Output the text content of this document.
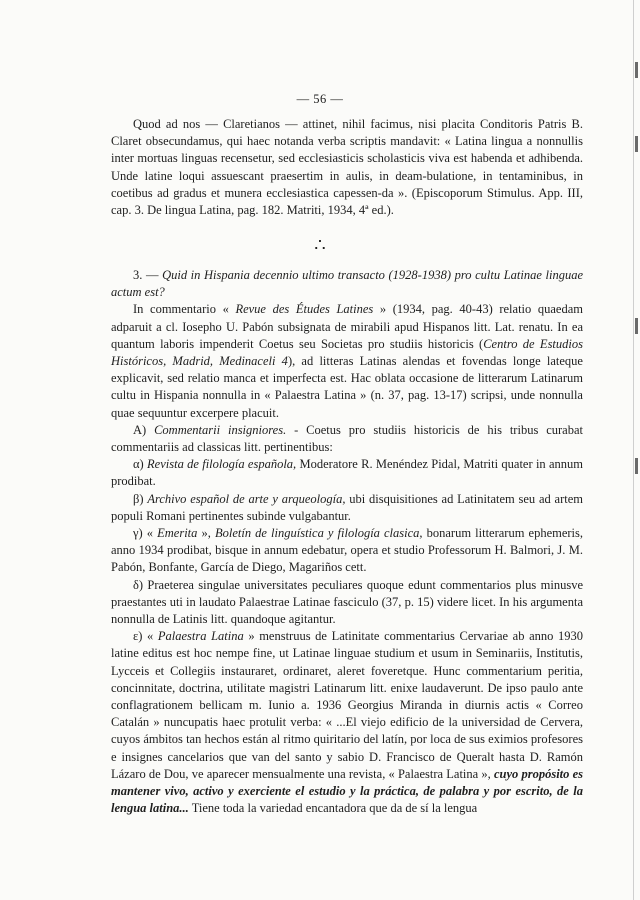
— 56 —

Quod ad nos — Claretianos — attinet, nihil facimus, nisi placita Conditoris Patris B. Claret obsecundamus, qui haec notanda verba scriptis mandavit: « Latina lingua a nonnullis inter mortuas linguas recensetur, sed ecclesiasticis scholasticis viva est habenda et adhibenda. Unde latine loqui assuescant praesertim in aulis, in deam-bulatione, in tentaminibus, in coetibus ad gradus et munera ecclesiastica capessen-da ». (Episcoporum Stimulus. App. III, cap. 3. De lingua Latina, pag. 182. Matriti, 1934, 4ª ed.).

∴

3. — Quid in Hispania decennio ultimo transacto (1928-1938) pro cultu Latinae linguae actum est?

In commentario « Revue des Études Latines » (1934, pag. 40-43) relatio quaedam adparuit a cl. Iosepho U. Pabón subsignata de mirabili apud Hispanos litt. Lat. renatu. In ea quantum laboris impenderit Coetus seu Societas pro studiis historicis (Centro de Estudios Históricos, Madrid, Medinaceli 4), ad litteras Latinas alendas et fovendas longe lateque explicavit, sed relatio manca et imperfecta est. Hac oblata occasione de litterarum Latinarum cultu in Hispania nonnulla in « Palaestra Latina » (n. 37, pag. 13-17) scripsi, unde nonnulla quae sequuntur excerpere placuit.

A) Commentarii insigniores. - Coetus pro studiis historicis de his tribus curabat commentariis ad classicas litt. pertinentibus:

α) Revista de filología española, Moderatore R. Menéndez Pidal, Matriti quater in annum prodibat.

β) Archivo español de arte y arqueología, ubi disquisitiones ad Latinitatem seu ad artem populi Romani pertinentes subinde vulgabantur.

γ) « Emerita », Boletín de linguística y filología clasica, bonarum litterarum ephemeris, anno 1934 prodibat, bisque in annum edebatur, opera et studio Professorum H. Balmori, J. M. Pabón, Bonfante, García de Diego, Magariños cett.

δ) Praeterea singulae universitates peculiares quoque edunt commentarios plus minusve praestantes uti in laudato Palaestrae Latinae fasciculo (37, p. 15) videre licet. In his argumenta nonnulla de Latinis litt. quandoque agitantur.

ε) « Palaestra Latina » menstruus de Latinitate commentarius Cervariae ab anno 1930 latine editus est hoc nempe fine, ut Latinae linguae studium et usum in Seminariis, Institutis, Lycceis et Collegiis instauraret, ordinaret, aleret foveretque. Hunc commentarium peritia, concinnitate, doctrina, utilitate magistri Latinarum litt. enixe laudaverunt. De ipso paulo ante conflagrationem bellicam m. Iunio a. 1936 Georgius Miranda in diurnis actis « Correo Catalán » nuncupatis haec protulit verba: « ...El viejo edificio de la universidad de Cervera, cuyos ámbitos tan hechos están al ritmo quiritario del latín, por loca de sus eximios profesores e insignes cancelarios que van del santo y sabio D. Francisco de Queralt hasta D. Ramón Lázaro de Dou, ve aparecer mensualmente una revista, « Palaestra Latina », cuyo propósito es mantener vivo, activo y exerciente el estudio y la práctica, de palabra y por escrito, de la lengua latina... Tiene toda la variedad encantadora que da de sí la lengua
